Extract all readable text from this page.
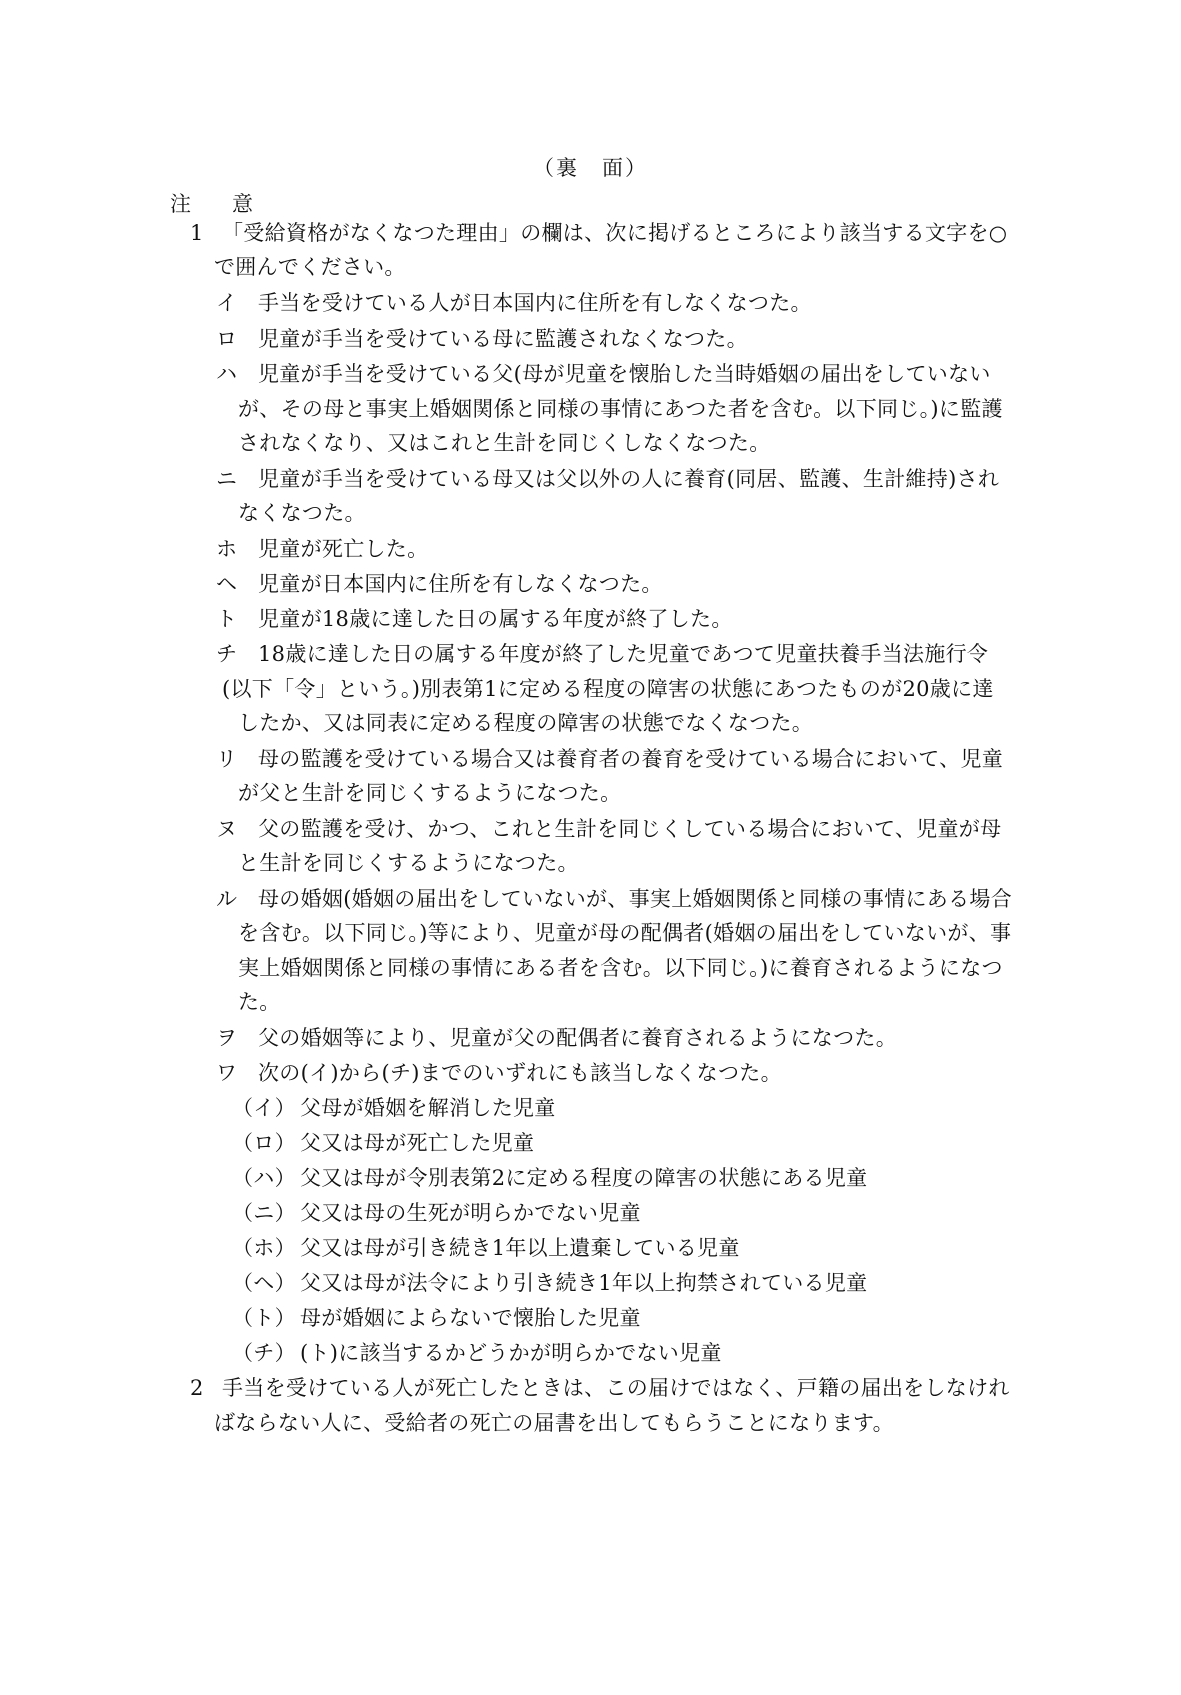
（裏　面）
注　意
1 「受給資格がなくなつた理由」の欄は、次に掲げるところにより該当する文字を○
で囲んでください。
イ 手当を受けている人が日本国内に住所を有しなくなつた。
ロ 児童が手当を受けている母に監護されなくなつた。
ハ 児童が手当を受けている父(母が児童を懐胎した当時婚姻の届出をしていない
が、その母と事実上婚姻関係と同様の事情にあつた者を含む。以下同じ。)に監護
されなくなり、又はこれと生計を同じくしなくなつた。
ニ 児童が手当を受けている母又は父以外の人に養育(同居、監護、生計維持)され
なくなつた。
ホ 児童が死亡した。
ヘ 児童が日本国内に住所を有しなくなつた。
ト 児童が18歳に達した日の属する年度が終了した。
チ 18歳に達した日の属する年度が終了した児童であつて児童扶養手当法施行令
(以下「令」という。)別表第1に定める程度の障害の状態にあつたものが20歳に達
したか、又は同表に定める程度の障害の状態でなくなつた。
リ 母の監護を受けている場合又は養育者の養育を受けている場合において、児童
が父と生計を同じくするようになつた。
ヌ 父の監護を受け、かつ、これと生計を同じくしている場合において、児童が母
と生計を同じくするようになつた。
ル 母の婚姻(婚姻の届出をしていないが、事実上婚姻関係と同様の事情にある場合
を含む。以下同じ。)等により、児童が母の配偶者(婚姻の届出をしていないが、事
実上婚姻関係と同様の事情にある者を含む。以下同じ。)に養育されるようになつ
た。
ヲ 父の婚姻等により、児童が父の配偶者に養育されるようになつた。
ワ 次の(イ)から(チ)までのいずれにも該当しなくなつた。
（イ） 父母が婚姻を解消した児童
（ロ） 父又は母が死亡した児童
（ハ） 父又は母が令別表第2に定める程度の障害の状態にある児童
（ニ） 父又は母の生死が明らかでない児童
（ホ） 父又は母が引き続き1年以上遺棄している児童
（ヘ） 父又は母が法令により引き続き1年以上拘禁されている児童
（ト） 母が婚姻によらないで懐胎した児童
（チ） (ト)に該当するかどうかが明らかでない児童
2 手当を受けている人が死亡したときは、この届けではなく、戸籍の届出をしなけれ
ばならない人に、受給者の死亡の届書を出してもらうことになります。
